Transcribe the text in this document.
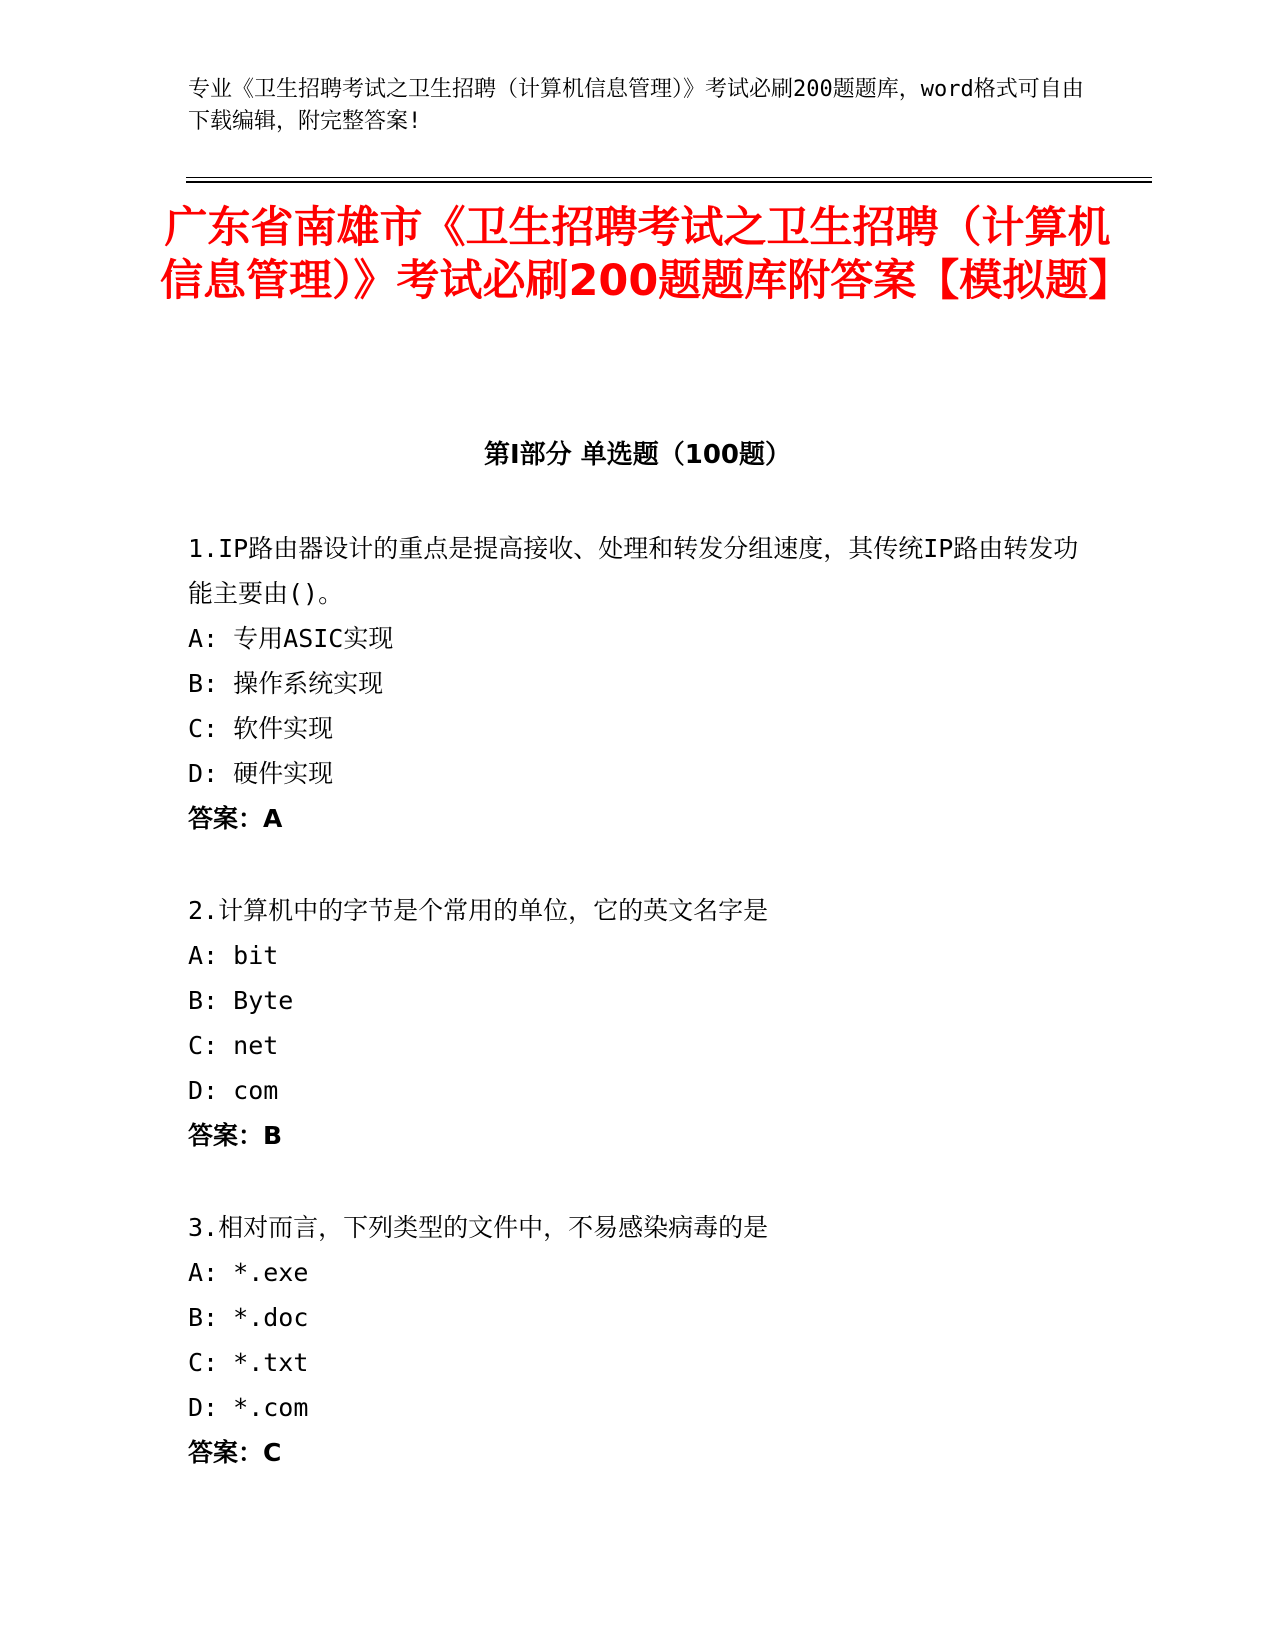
专业《卫生招聘考试之卫生招聘（计算机信息管理）》考试必刷200题题库，word格式可自由下载编辑，附完整答案!
广东省南雄市《卫生招聘考试之卫生招聘（计算机信息管理）》考试必刷200题题库附答案【模拟题】
第I部分 单选题（100题）
1.IP路由器设计的重点是提高接收、处理和转发分组速度，其传统IP路由转发功能主要由()。
A: 专用ASIC实现
B: 操作系统实现
C: 软件实现
D: 硬件实现
答案：A
2.计算机中的字节是个常用的单位，它的英文名字是
A: bit
B: Byte
C: net
D: com
答案：B
3.相对而言，下列类型的文件中，不易感染病毒的是
A: *.exe
B: *.doc
C: *.txt
D: *.com
答案：C
